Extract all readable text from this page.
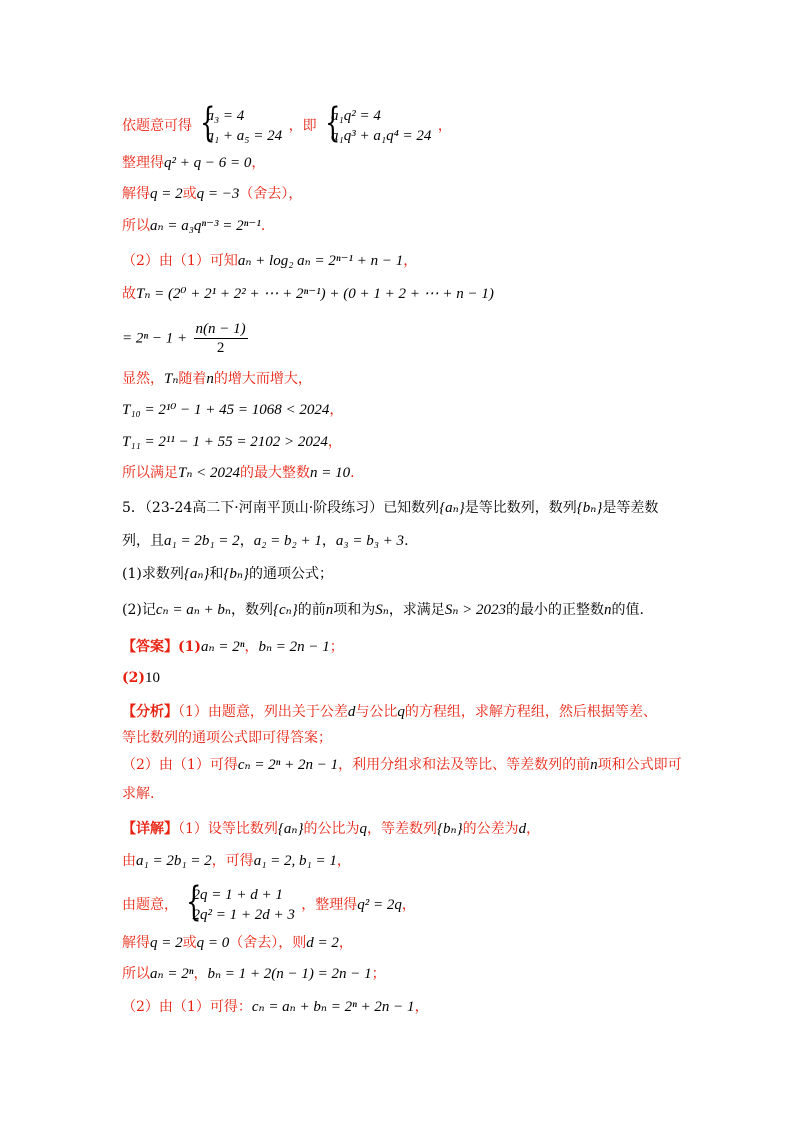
依题意可得 {
a₃ = 4
a₁ + a₅ = 24
，即 {
a₁q² = 4
a₁q³ + a₁q⁴ = 24
，
整理得q² + q − 6 = 0，
解得q = 2或q = −3（舍去），
所以aₙ = a₃qⁿ⁻³ = 2ⁿ⁻¹.
（2）由（1）可知aₙ + log₂ aₙ = 2ⁿ⁻¹ + n − 1，
故Tₙ = (2⁰ + 2¹ + 2² + ⋯ + 2ⁿ⁻¹) + (0 + 1 + 2 + ⋯ + n − 1)
= $2^n - 1 + \frac{n(n - 1)}{2}$
显然，Tₙ随着n的增大而增大，
T₁₀ = 2¹⁰ − 1 + 45 = 1068 < 2024，
T₁₁ = 2¹¹ − 1 + 55 = 2102 > 2024，
所以满足Tₙ < 2024的最大整数n = 10.
5．（23-24高二下·河南平顶山·阶段练习）已知数列{aₙ}是等比数列，数列{bₙ}是等差数
列，且a₁ = 2b₁ = 2，a₂ = b₂ + 1，a₃ = b₃ + 3.
(1)求数列{aₙ}和{bₙ}的通项公式；
(2)记cₙ = aₙ + bₙ，数列{cₙ}的前n项和为Sₙ，求满足Sₙ > 2023的最小的正整数n的值.
【答案】(1)aₙ = 2ⁿ，bₙ = 2n − 1；
(2)10
【分析】（1）由题意，列出关于公差d与公比q的方程组，求解方程组，然后根据等差、
等比数列的通项公式即可得答案；
（2）由（1）可得cₙ = 2ⁿ + 2n − 1，利用分组求和法及等比、等差数列的前n项和公式即可
求解.
【详解】（1）设等比数列{aₙ}的公比为q，等差数列{bₙ}的公差为d，
由a₁ = 2b₁ = 2，可得a₁ = 2, b₁ = 1，
由题意， {
2q = 1 + d + 1
2q² = 1 + 2d + 3
，整理得q² = 2q，
解得q = 2或q = 0（舍去），则d = 2，
所以aₙ = 2ⁿ，bₙ = 1 + 2(n − 1) = 2n − 1；
（2）由（1）可得：cₙ = aₙ + bₙ = 2ⁿ + 2n − 1，
